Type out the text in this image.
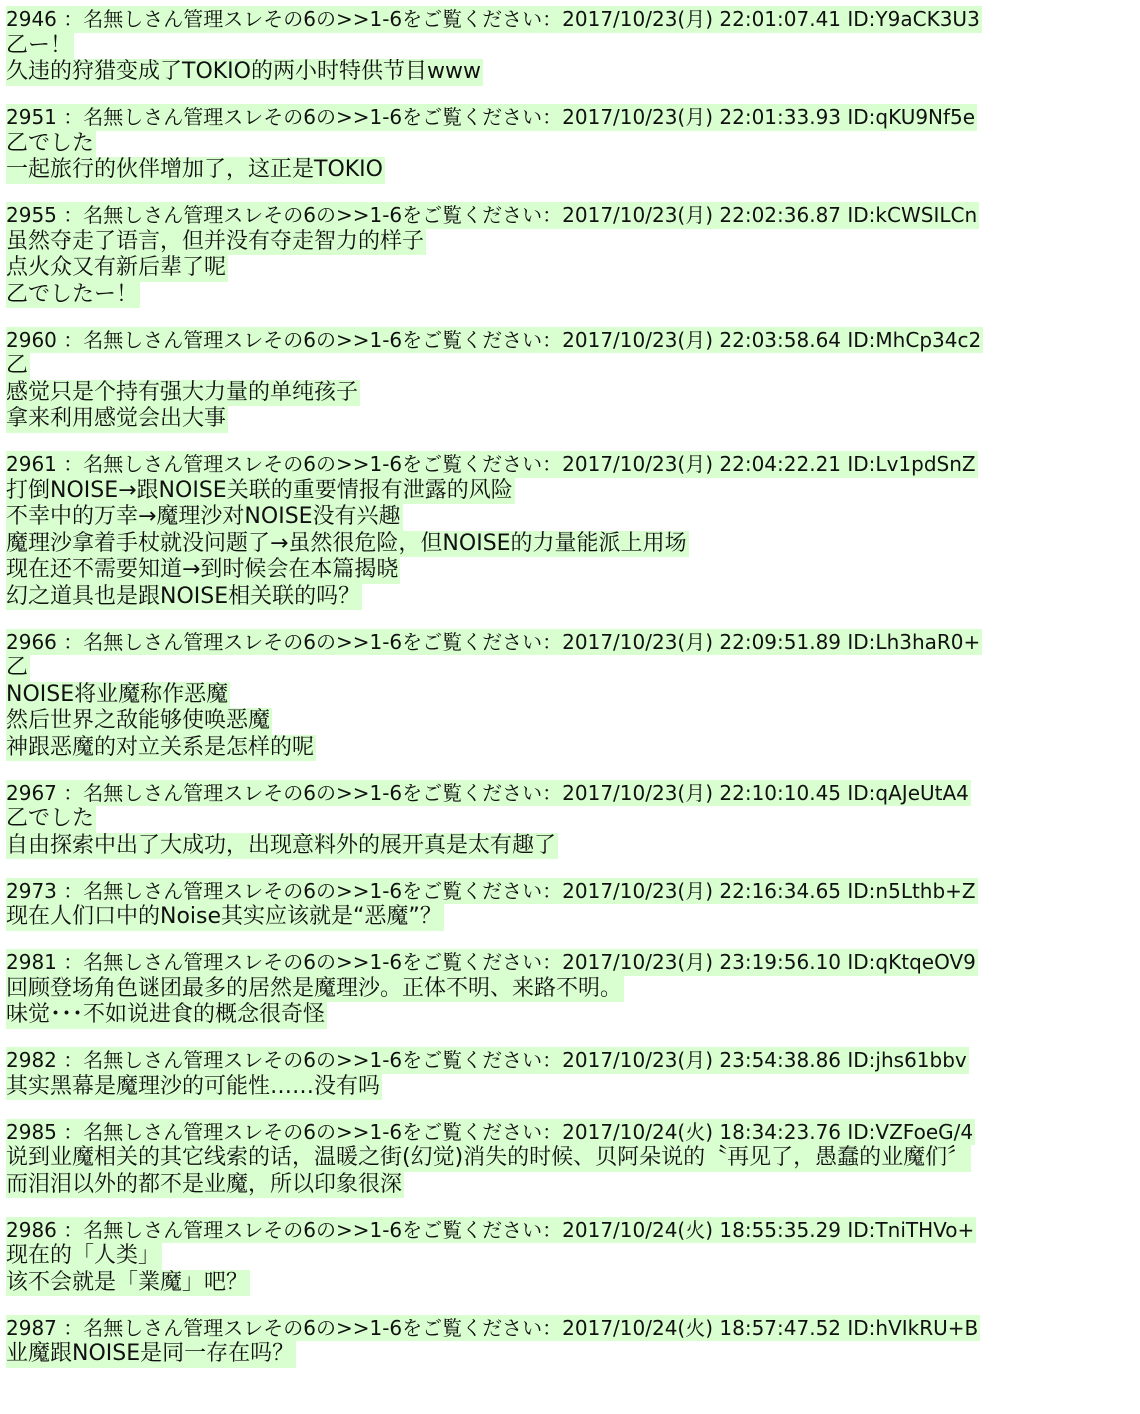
2946 ：名無しさん管理スレその6の>>1-6をご覧ください：2017/10/23(月) 22:01:07.41 ID:Y9aCK3U3
乙ー！
久违的狩猎变成了TOKIO的两小时特供节目www
2951 ：名無しさん管理スレその6の>>1-6をご覧ください：2017/10/23(月) 22:01:33.93 ID:qKU9Nf5e
乙でした
一起旅行的伙伴增加了，这正是TOKIO
2955 ：名無しさん管理スレその6の>>1-6をご覧ください：2017/10/23(月) 22:02:36.87 ID:kCWSILCn
虽然夺走了语言，但并没有夺走智力的样子
点火众又有新后辈了呢
乙でしたー！
2960 ：名無しさん管理スレその6の>>1-6をご覧ください：2017/10/23(月) 22:03:58.64 ID:MhCp34c2
乙
感觉只是个持有强大力量的单纯孩子
拿来利用感觉会出大事
2961 ：名無しさん管理スレその6の>>1-6をご覧ください：2017/10/23(月) 22:04:22.21 ID:Lv1pdSnZ
打倒NOISE→跟NOISE关联的重要情报有泄露的风险
不幸中的万幸→魔理沙对NOISE没有兴趣
魔理沙拿着手杖就没问题了→虽然很危险，但NOISE的力量能派上用场
现在还不需要知道→到时候会在本篇揭晓
幻之道具也是跟NOISE相关联的吗？
2966 ：名無しさん管理スレその6の>>1-6をご覧ください：2017/10/23(月) 22:09:51.89 ID:Lh3haR0+
乙
NOISE将业魔称作恶魔
然后世界之敌能够使唤恶魔
神跟恶魔的对立关系是怎样的呢
2967 ：名無しさん管理スレその6の>>1-6をご覧ください：2017/10/23(月) 22:10:10.45 ID:qAJeUtA4
乙でした
自由探索中出了大成功，出现意料外的展开真是太有趣了
2973 ：名無しさん管理スレその6の>>1-6をご覧ください：2017/10/23(月) 22:16:34.65 ID:n5Lthb+Z
现在人们口中的Noise其实应该就是“恶魔”？
2981 ：名無しさん管理スレその6の>>1-6をご覧ください：2017/10/23(月) 23:19:56.10 ID:qKtqeOV9
回顾登场角色谜团最多的居然是魔理沙。正体不明、来路不明。
味觉･･･不如说进食的概念很奇怪
2982 ：名無しさん管理スレその6の>>1-6をご覧ください：2017/10/23(月) 23:54:38.86 ID:jhs61bbv
其实黑幕是魔理沙的可能性……没有吗
2985 ：名無しさん管理スレその6の>>1-6をご覧ください：2017/10/24(火) 18:34:23.76 ID:VZFoeG/4
说到业魔相关的其它线索的话，温暖之街(幻觉)消失的时候、贝阿朵说的〝再见了，愚蠢的业魔们〞
而泪泪以外的都不是业魔，所以印象很深
2986 ：名無しさん管理スレその6の>>1-6をご覧ください：2017/10/24(火) 18:55:35.29 ID:TniTHVo+
现在的「人类」
该不会就是「業魔」吧？
2987 ：名無しさん管理スレその6の>>1-6をご覧ください：2017/10/24(火) 18:57:47.52 ID:hVIkRU+B
业魔跟NOISE是同一存在吗？
